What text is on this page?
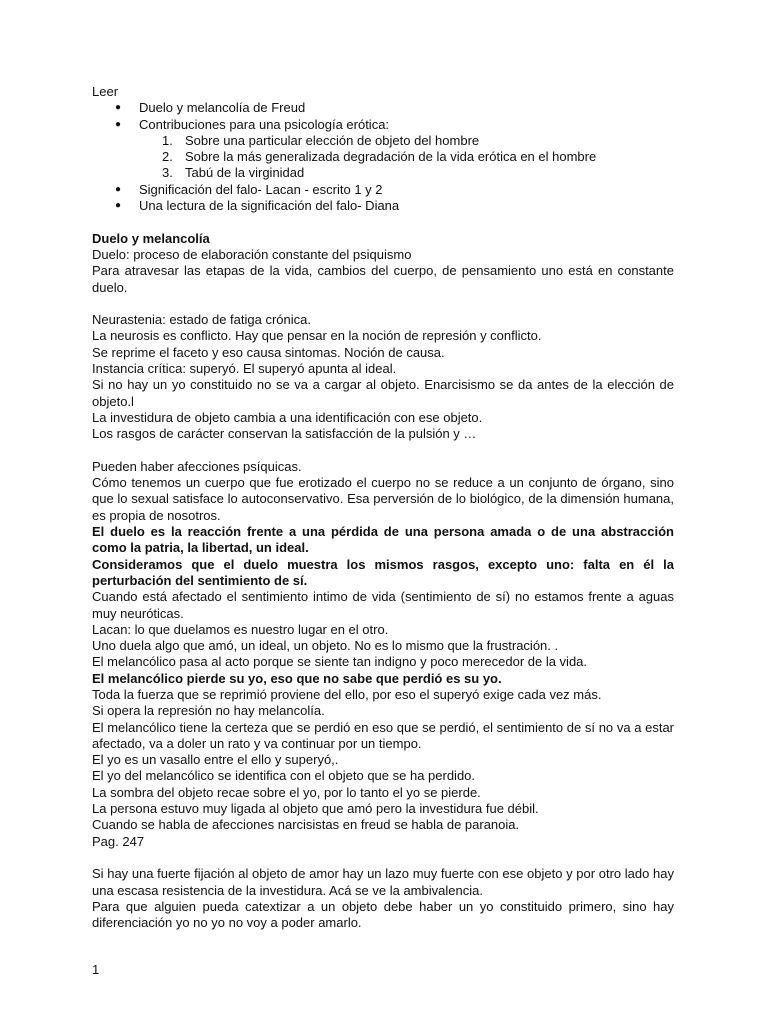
Leer

● Duelo y melancolía de Freud
● Contribuciones para una psicología erótica:
1. Sobre una particular elección de objeto del hombre
2. Sobre la más generalizada degradación de la vida erótica en el hombre
3. Tabú de la virginidad
● Significación del falo- Lacan - escrito 1 y 2
● Una lectura de la significación del falo- Diana

Duelo y melancolía

Duelo: proceso de elaboración constante del psiquismo

Para atravesar las etapas de la vida, cambios del cuerpo, de pensamiento uno está en constante duelo.

Neurastenia: estado de fatiga crónica.

La neurosis es conflicto. Hay que pensar en la noción de represión y conflicto.

Se reprime el faceto y eso causa sintomas. Noción de causa.

Instancia crítica: superyó. El superyó apunta al ideal.

Si no hay un yo constituido no se va a cargar al objeto. Enarcisismo se da antes de la elección de objeto.l

La investidura de objeto cambia a una identificación con ese objeto.

Los rasgos de carácter conservan la satisfacción de la pulsión y …

Pueden haber afecciones psíquicas.

Cómo tenemos un cuerpo que fue erotizado el cuerpo no se reduce a un conjunto de órgano, sino que lo sexual satisface lo autoconservativo. Esa perversión de lo biológico, de la dimensión humana, es propia de nosotros.

El duelo es la reacción frente a una pérdida de una persona amada o de una abstracción como la patria, la libertad, un ideal.

Consideramos que el duelo muestra los mismos rasgos, excepto uno: falta en él la perturbación del sentimiento de sí.

Cuando está afectado el sentimiento intimo de vida (sentimiento de sí) no estamos frente a aguas muy neuróticas.

Lacan: lo que duelamos es nuestro lugar en el otro.

Uno duela algo que amó, un ideal, un objeto. No es lo mismo que la frustración. .

El melancólico pasa al acto porque se siente tan indigno y poco merecedor de la vida.

El melancólico pierde su yo, eso que no sabe que perdió es su yo.

Toda la fuerza que se reprimió proviene del ello, por eso el superyó exige cada vez más.

Si opera la represión no hay melancolía.

El melancólico tiene la certeza que se perdió en eso que se perdió, el sentimiento de sí no va a estar afectado, va a doler un rato y va continuar por un tiempo.

El yo es un vasallo entre el ello y superyó,.

El yo del melancólico se identifica con el objeto que se ha perdido.

La sombra del objeto recae sobre el yo, por lo tanto el yo se pierde.

La persona estuvo muy ligada al objeto que amó pero la investidura fue débil.

Cuando se habla de afecciones narcisistas en freud se habla de paranoia.

Pag. 247

Si hay una fuerte fijación al objeto de amor hay un lazo muy fuerte con ese objeto y por otro lado hay una escasa resistencia de la investidura. Acá se ve la ambivalencia.

Para que alguien pueda catextizar a un objeto debe haber un yo constituido primero, sino hay diferenciación yo no yo no voy a poder amarlo.

1
